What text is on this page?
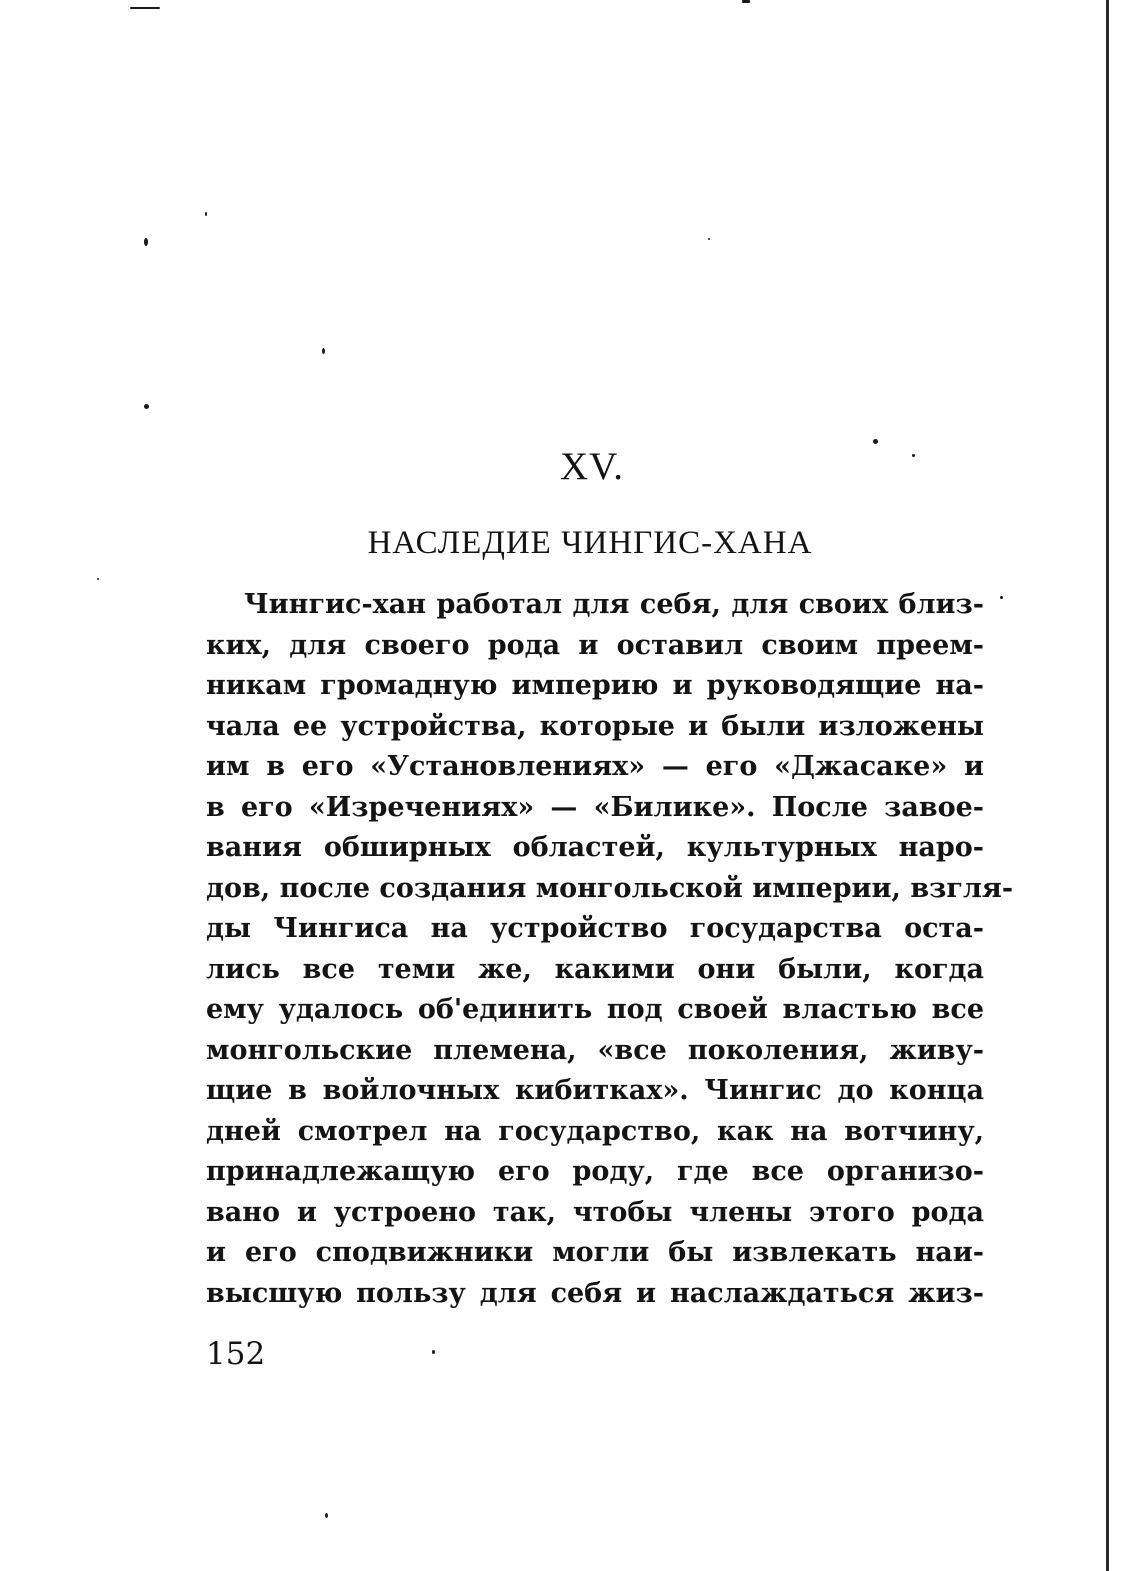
XV.
НАСЛЕДИЕ ЧИНГИС-ХАНА
Чингис-хан работал для себя, для своих близ-
ких, для своего рода и оставил своим преем-
никам громадную империю и руководящие на-
чала ее устройства, которые и были изложены
им в его «Установлениях» — его «Джасаке» и
в его «Изречениях» — «Билике». После завое-
вания обширных областей, культурных наро-
дов, после создания монгольской империи, взгля-
ды Чингиса на устройство государства оста-
лись все теми же, какими они были, когда
ему удалось об'единить под своей властью все
монгольские племена, «все поколения, живу-
щие в войлочных кибитках». Чингис до конца
дней смотрел на государство, как на вотчину,
принадлежащую его роду, где все организо-
вано и устроено так, чтобы члены этого рода
и его сподвижники могли бы извлекать наи-
высшую пользу для себя и наслаждаться жиз-
152
